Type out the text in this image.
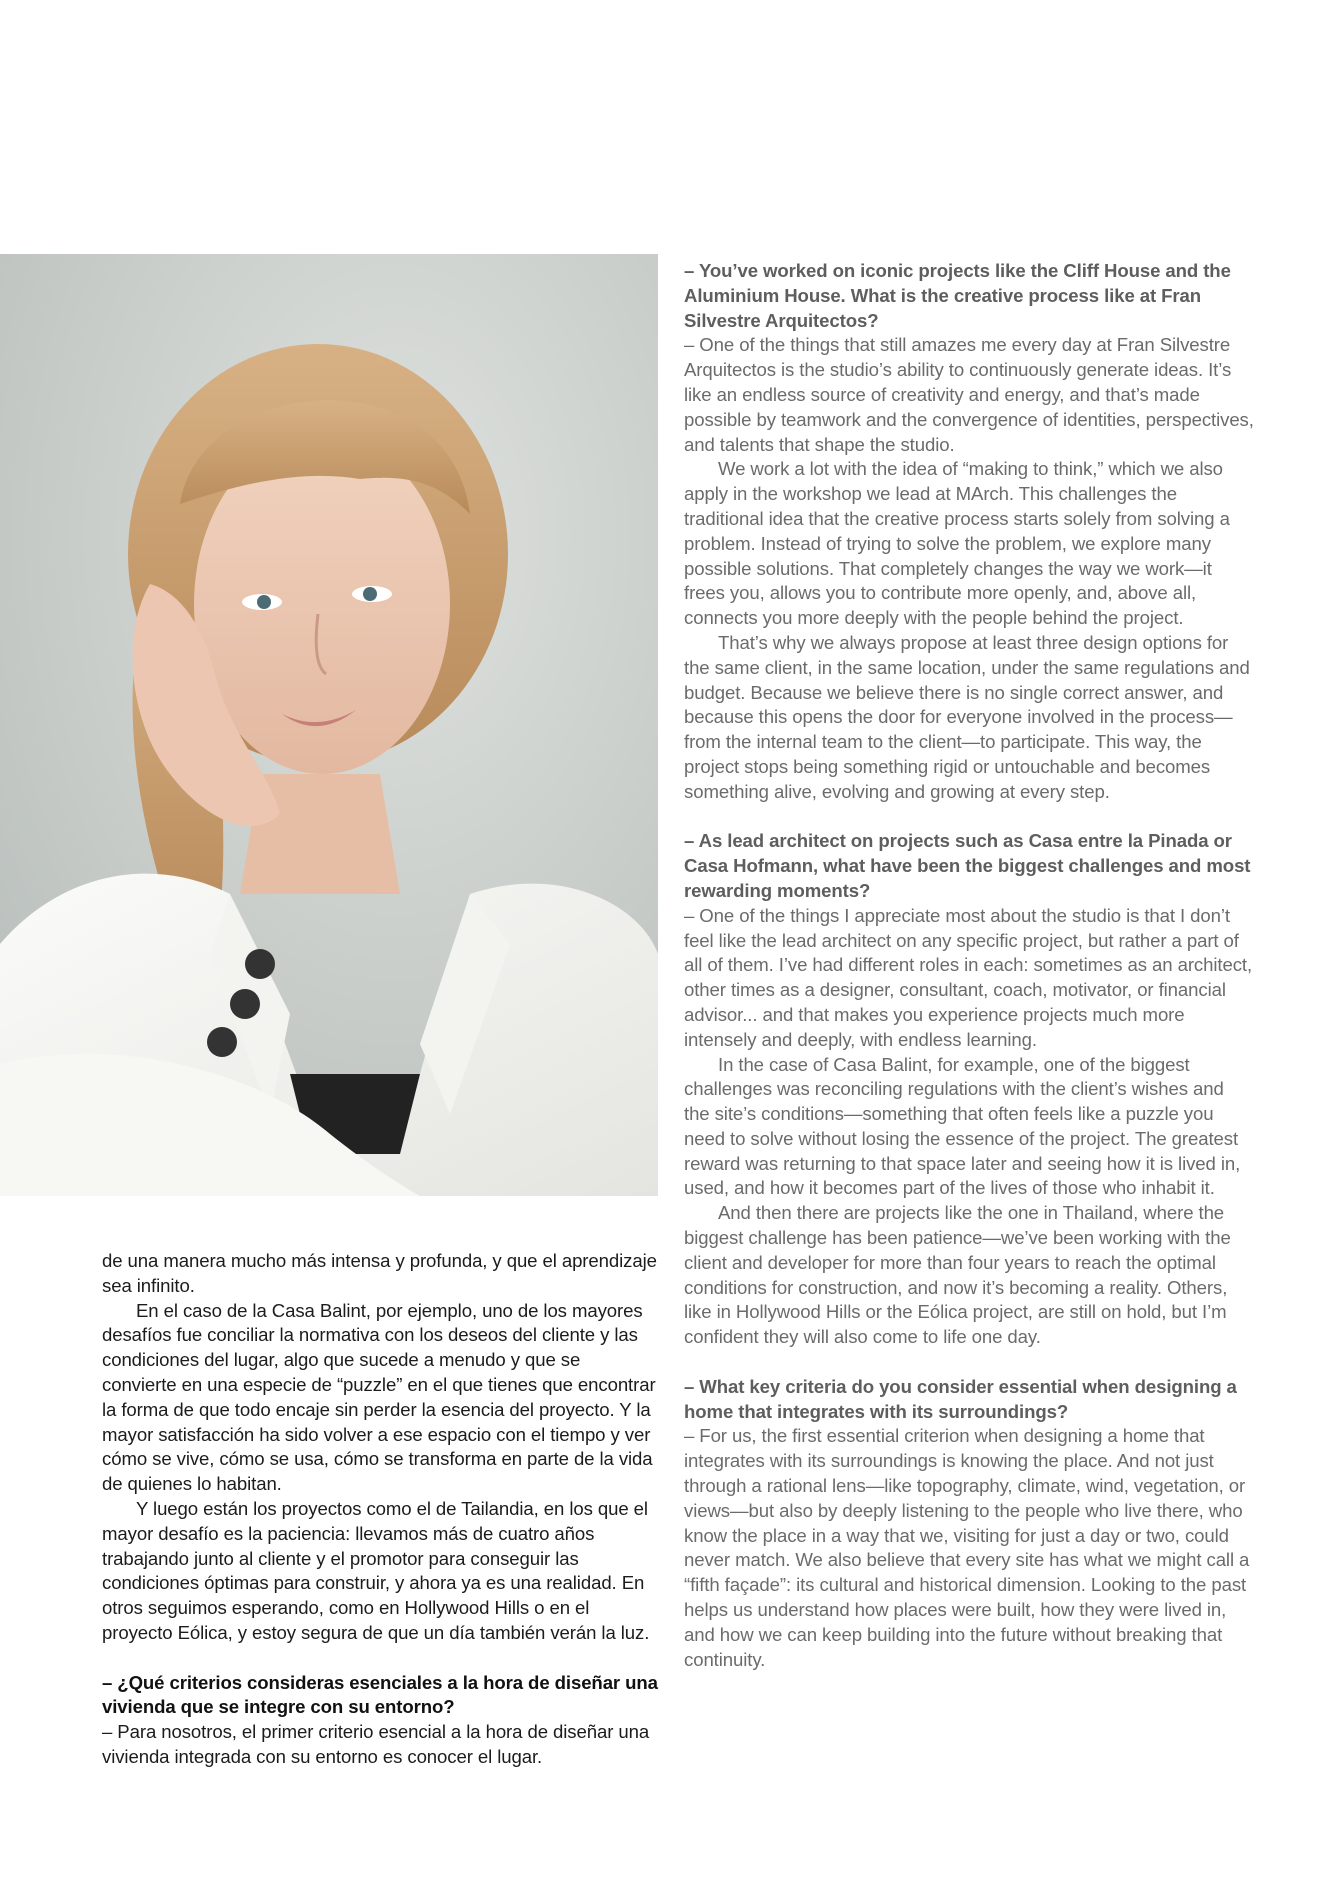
de una manera mucho más intensa y profunda, y que el aprendizaje sea infinito.

En el caso de la Casa Balint, por ejemplo, uno de los mayores desafíos fue conciliar la normativa con los deseos del cliente y las condiciones del lugar, algo que sucede a menudo y que se convierte en una especie de “puzzle” en el que tienes que encontrar la forma de que todo encaje sin perder la esencia del proyecto. Y la mayor satisfacción ha sido volver a ese espacio con el tiempo y ver cómo se vive, cómo se usa, cómo se transforma en parte de la vida de quienes lo habitan.

Y luego están los proyectos como el de Tailandia, en los que el mayor desafío es la paciencia: llevamos más de cuatro años trabajando junto al cliente y el promotor para conseguir las condiciones óptimas para construir, y ahora ya es una realidad. En otros seguimos esperando, como en Hollywood Hills o en el proyecto Eólica, y estoy segura de que un día también verán la luz.

– ¿Qué criterios consideras esenciales a la hora de diseñar una vivienda que se integre con su entorno?

– Para nosotros, el primer criterio esencial a la hora de diseñar una vivienda integrada con su entorno es conocer el lugar.

– You’ve worked on iconic projects like the Cliff House and the Aluminium House. What is the creative process like at Fran Silvestre Arquitectos?

– One of the things that still amazes me every day at Fran Silvestre Arquitectos is the studio’s ability to continuously generate ideas. It’s like an endless source of creativity and energy, and that’s made possible by teamwork and the convergence of identities, perspectives, and talents that shape the studio.

We work a lot with the idea of “making to think,” which we also apply in the workshop we lead at MArch. This challenges the traditional idea that the creative process starts solely from solving a problem. Instead of trying to solve the problem, we explore many possible solutions. That completely changes the way we work—it frees you, allows you to contribute more openly, and, above all, connects you more deeply with the people behind the project.

That’s why we always propose at least three design options for the same client, in the same location, under the same regulations and budget. Because we believe there is no single correct answer, and because this opens the door for everyone involved in the process—from the internal team to the client—to participate. This way, the project stops being something rigid or untouchable and becomes something alive, evolving and growing at every step.

– As lead architect on projects such as Casa entre la Pinada or Casa Hofmann, what have been the biggest challenges and most rewarding moments?

– One of the things I appreciate most about the studio is that I don’t feel like the lead architect on any specific project, but rather a part of all of them. I’ve had different roles in each: sometimes as an architect, other times as a designer, consultant, coach, motivator, or financial advisor... and that makes you experience projects much more intensely and deeply, with endless learning.

In the case of Casa Balint, for example, one of the biggest challenges was reconciling regulations with the client’s wishes and the site’s conditions—something that often feels like a puzzle you need to solve without losing the essence of the project. The greatest reward was returning to that space later and seeing how it is lived in, used, and how it becomes part of the lives of those who inhabit it.

And then there are projects like the one in Thailand, where the biggest challenge has been patience—we’ve been working with the client and developer for more than four years to reach the optimal conditions for construction, and now it’s becoming a reality. Others, like in Hollywood Hills or the Eólica project, are still on hold, but I’m confident they will also come to life one day.

– What key criteria do you consider essential when designing a home that integrates with its surroundings?

– For us, the first essential criterion when designing a home that integrates with its surroundings is knowing the place. And not just through a rational lens—like topography, climate, wind, vegetation, or views—but also by deeply listening to the people who live there, who know the place in a way that we, visiting for just a day or two, could never match. We also believe that every site has what we might call a “fifth façade”: its cultural and historical dimension. Looking to the past helps us understand how places were built, how they were lived in, and how we can keep building into the future without breaking that continuity.
